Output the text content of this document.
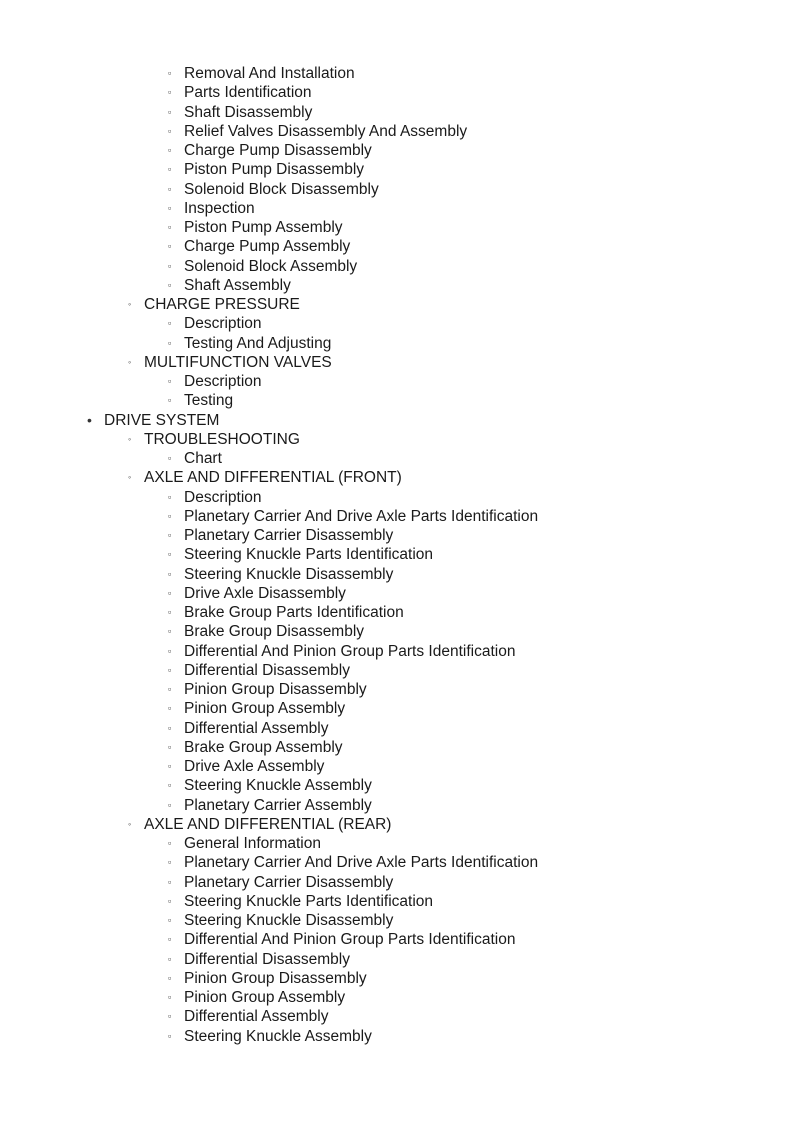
▫ Removal And Installation
▫ Parts Identification
▫ Shaft Disassembly
▫ Relief Valves Disassembly And Assembly
▫ Charge Pump Disassembly
▫ Piston Pump Disassembly
▫ Solenoid Block Disassembly
▫ Inspection
▫ Piston Pump Assembly
▫ Charge Pump Assembly
▫ Solenoid Block Assembly
▫ Shaft Assembly
◦ CHARGE PRESSURE
▫ Description
▫ Testing And Adjusting
◦ MULTIFUNCTION VALVES
▫ Description
▫ Testing
• DRIVE SYSTEM
◦ TROUBLESHOOTING
▫ Chart
◦ AXLE AND DIFFERENTIAL (FRONT)
▫ Description
▫ Planetary Carrier And Drive Axle Parts Identification
▫ Planetary Carrier Disassembly
▫ Steering Knuckle Parts Identification
▫ Steering Knuckle Disassembly
▫ Drive Axle Disassembly
▫ Brake Group Parts Identification
▫ Brake Group Disassembly
▫ Differential And Pinion Group Parts Identification
▫ Differential Disassembly
▫ Pinion Group Disassembly
▫ Pinion Group Assembly
▫ Differential Assembly
▫ Brake Group Assembly
▫ Drive Axle Assembly
▫ Steering Knuckle Assembly
▫ Planetary Carrier Assembly
◦ AXLE AND DIFFERENTIAL (REAR)
▫ General Information
▫ Planetary Carrier And Drive Axle Parts Identification
▫ Planetary Carrier Disassembly
▫ Steering Knuckle Parts Identification
▫ Steering Knuckle Disassembly
▫ Differential And Pinion Group Parts Identification
▫ Differential Disassembly
▫ Pinion Group Disassembly
▫ Pinion Group Assembly
▫ Differential Assembly
▫ Steering Knuckle Assembly
